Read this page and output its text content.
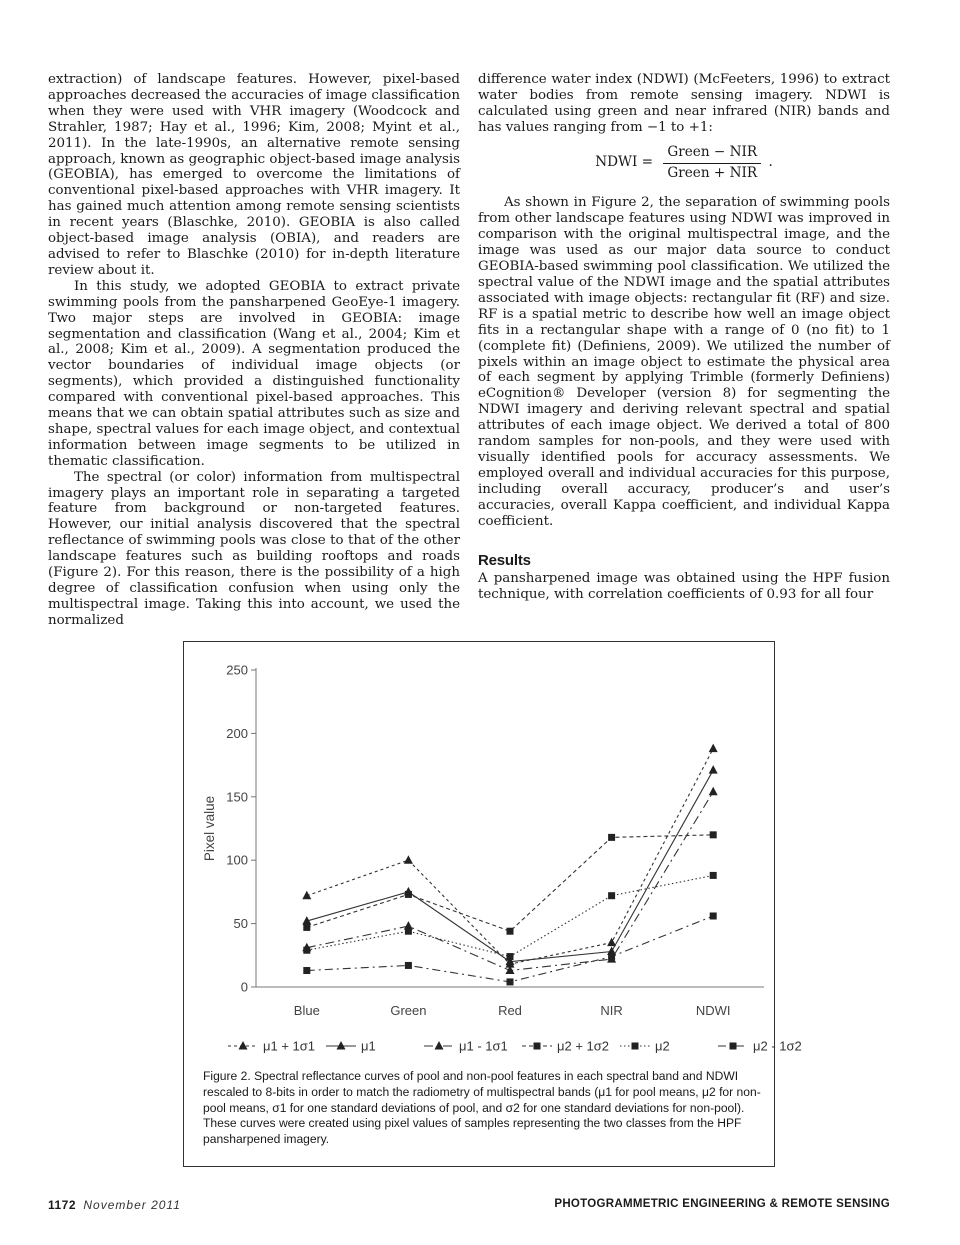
extraction) of landscape features. However, pixel-based approaches decreased the accuracies of image classification when they were used with VHR imagery (Woodcock and Strahler, 1987; Hay et al., 1996; Kim, 2008; Myint et al., 2011). In the late-1990s, an alternative remote sensing approach, known as geographic object-based image analysis (GEOBIA), has emerged to overcome the limitations of conventional pixel-based approaches with VHR imagery. It has gained much attention among remote sensing scientists in recent years (Blaschke, 2010). GEOBIA is also called object-based image analysis (OBIA), and readers are advised to refer to Blaschke (2010) for in-depth literature review about it.

In this study, we adopted GEOBIA to extract private swimming pools from the pansharpened GeoEye-1 imagery. Two major steps are involved in GEOBIA: image segmentation and classification (Wang et al., 2004; Kim et al., 2008; Kim et al., 2009). A segmentation produced the vector boundaries of individual image objects (or segments), which provided a distinguished functionality compared with conventional pixel-based approaches. This means that we can obtain spatial attributes such as size and shape, spectral values for each image object, and contextual information between image segments to be utilized in thematic classification.

The spectral (or color) information from multispectral imagery plays an important role in separating a targeted feature from background or non-targeted features. However, our initial analysis discovered that the spectral reflectance of swimming pools was close to that of the other landscape features such as building rooftops and roads (Figure 2). For this reason, there is the possibility of a high degree of classification confusion when using only the multispectral image. Taking this into account, we used the normalized

difference water index (NDWI) (McFeeters, 1996) to extract water bodies from remote sensing imagery. NDWI is calculated using green and near infrared (NIR) bands and has values ranging from −1 to +1:

NDWI = $\frac{\text{Green − NIR}}{\text{Green + NIR}}$ .

As shown in Figure 2, the separation of swimming pools from other landscape features using NDWI was improved in comparison with the original multispectral image, and the image was used as our major data source to conduct GEOBIA-based swimming pool classification. We utilized the spectral value of the NDWI image and the spatial attributes associated with image objects: rectangular fit (RF) and size. RF is a spatial metric to describe how well an image object fits in a rectangular shape with a range of 0 (no fit) to 1 (complete fit) (Definiens, 2009). We utilized the number of pixels within an image object to estimate the physical area of each segment by applying Trimble (formerly Definiens) eCognition® Developer (version 8) for segmenting the NDWI imagery and deriving relevant spectral and spatial attributes of each image object. We derived a total of 800 random samples for non-pools, and they were used with visually identified pools for accuracy assessments. We employed overall and individual accuracies for this purpose, including overall accuracy, producer’s and user’s accuracies, overall Kappa coefficient, and individual Kappa coefficient.

Results

A pansharpened image was obtained using the HPF fusion technique, with correlation coefficients of 0.93 for all four

0
50
100
150
200
250
Blue	Green	Red	NIR	NDWI
Pixel value
μ1 + 1σ1	μ1	μ1 - 1σ1	μ2 + 1σ2	μ2	μ2 - 1σ2

Figure 2. Spectral reflectance curves of pool and non-pool features in each spectral band and NDWI rescaled to 8-bits in order to match the radiometry of multispectral bands (μ1 for pool means, μ2 for non-pool means, σ1 for one standard deviations of pool, and σ2 for one standard deviations for non-pool). These curves were created using pixel values of samples representing the two classes from the HPF pansharpened imagery.

1172 November 2011	PHOTOGRAMMETRIC ENGINEERING & REMOTE SENSING
